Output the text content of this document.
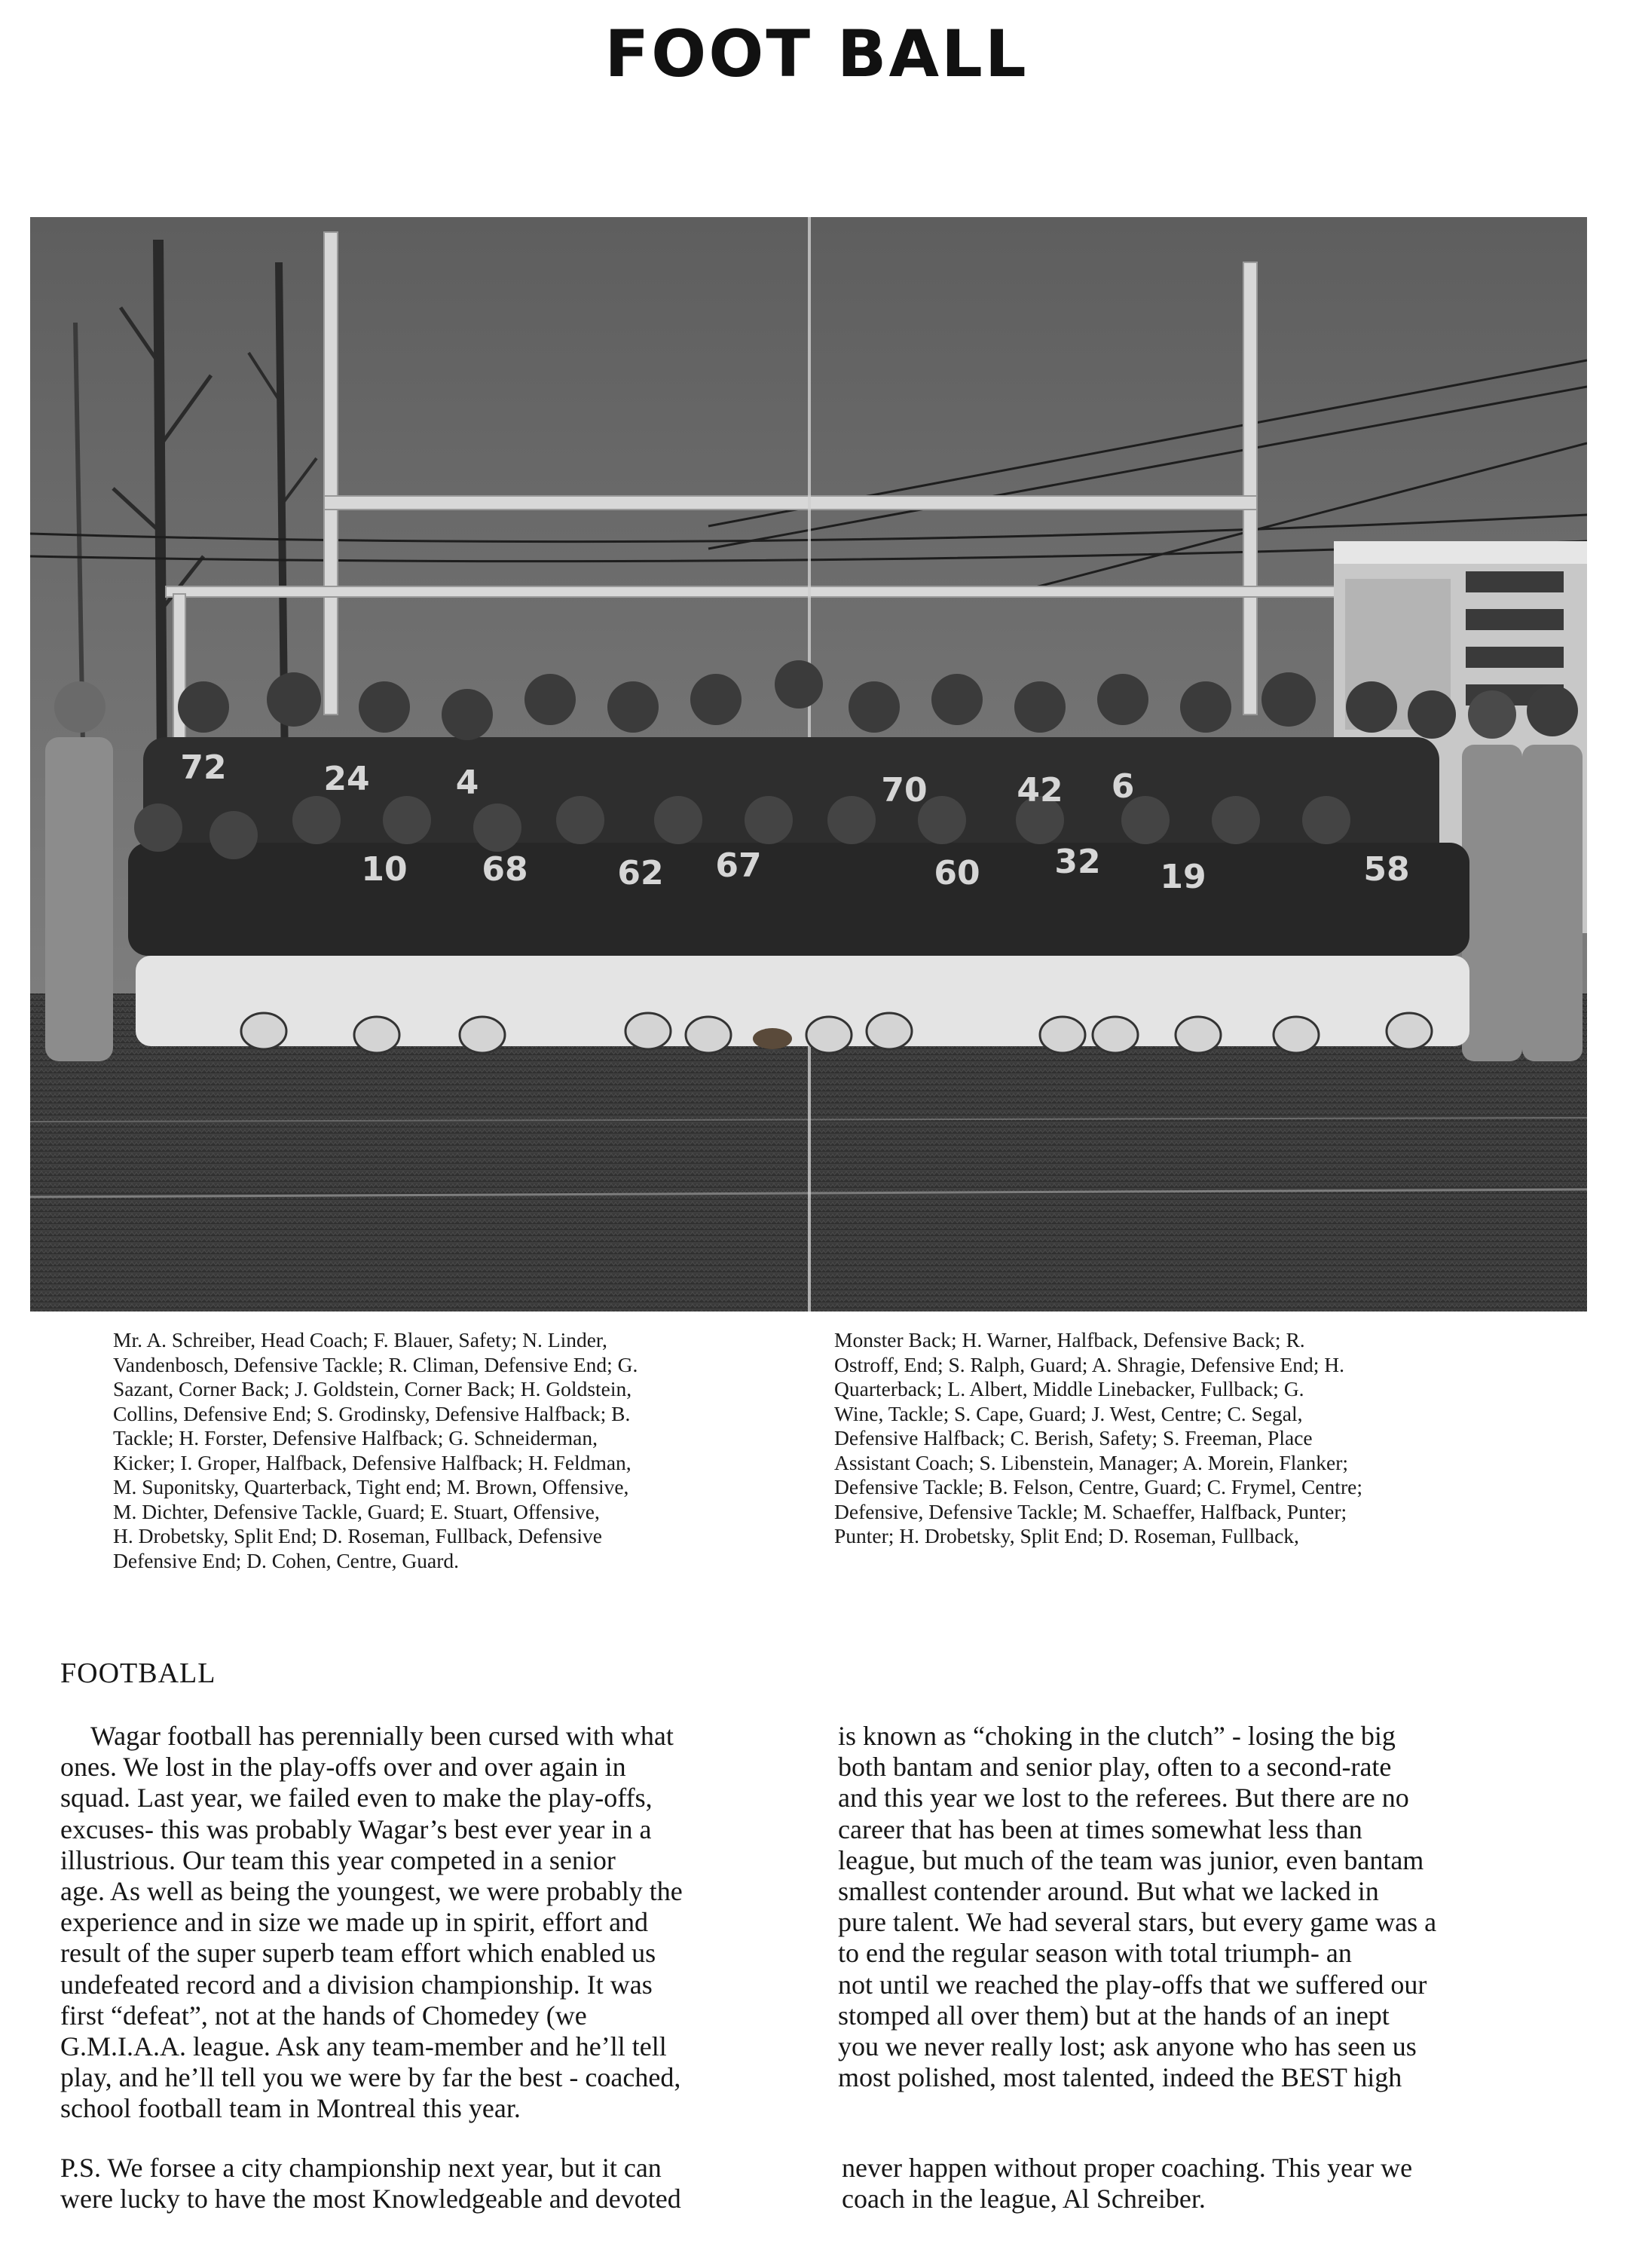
FOOT BALL
72	24	4	70	42 6
10 68	62 67	60 32 19	58
Mr. A. Schreiber, Head Coach; F. Blauer, Safety; N. Linder,
Vandenbosch, Defensive Tackle; R. Climan, Defensive End; G.
Sazant, Corner Back; J. Goldstein, Corner Back; H. Goldstein,
Collins, Defensive End; S. Grodinsky, Defensive Halfback; B.
Tackle; H. Forster, Defensive Halfback; G. Schneiderman,
Kicker; I. Groper, Halfback, Defensive Halfback; H. Feldman,
M. Suponitsky, Quarterback, Tight end; M. Brown, Offensive,
M. Dichter, Defensive Tackle, Guard; E. Stuart, Offensive,
H. Drobetsky, Split End; D. Roseman, Fullback, Defensive
Defensive End; D. Cohen, Centre, Guard.
Monster Back; H. Warner, Halfback, Defensive Back; R.
Ostroff, End; S. Ralph, Guard; A. Shragie, Defensive End; H.
Quarterback; L. Albert, Middle Linebacker, Fullback; G.
Wine, Tackle; S. Cape, Guard; J. West, Centre; C. Segal,
Defensive Halfback; C. Berish, Safety; S. Freeman, Place
Assistant Coach; S. Libenstein, Manager; A. Morein, Flanker;
Defensive Tackle; B. Felson, Centre, Guard; C. Frymel, Centre;
Defensive, Defensive Tackle; M. Schaeffer, Halfback, Punter;
Punter; H. Drobetsky, Split End; D. Roseman, Fullback,
FOOTBALL
Wagar football has perennially been cursed with what
ones. We lost in the play-offs over and over again in
squad. Last year, we failed even to make the play-offs,
excuses- this was probably Wagar’s best ever year in a
illustrious. Our team this year competed in a senior
age. As well as being the youngest, we were probably the
experience and in size we made up in spirit, effort and
result of the super superb team effort which enabled us
undefeated record and a division championship. It was
first “defeat”, not at the hands of Chomedey (we
G.M.I.A.A. league. Ask any team-member and he’ll tell
play, and he’ll tell you we were by far the best - coached,
school football team in Montreal this year.
is known as “choking in the clutch” - losing the big
both bantam and senior play, often to a second-rate
and this year we lost to the referees. But there are no
career that has been at times somewhat less than
league, but much of the team was junior, even bantam
smallest contender around. But what we lacked in
pure talent. We had several stars, but every game was a
to end the regular season with total triumph- an
not until we reached the play-offs that we suffered our
stomped all over them) but at the hands of an inept
you we never really lost; ask anyone who has seen us
most polished, most talented, indeed the BEST high
P.S. We forsee a city championship next year, but it can
were lucky to have the most Knowledgeable and devoted
never happen without proper coaching. This year we
coach in the league, Al Schreiber.
